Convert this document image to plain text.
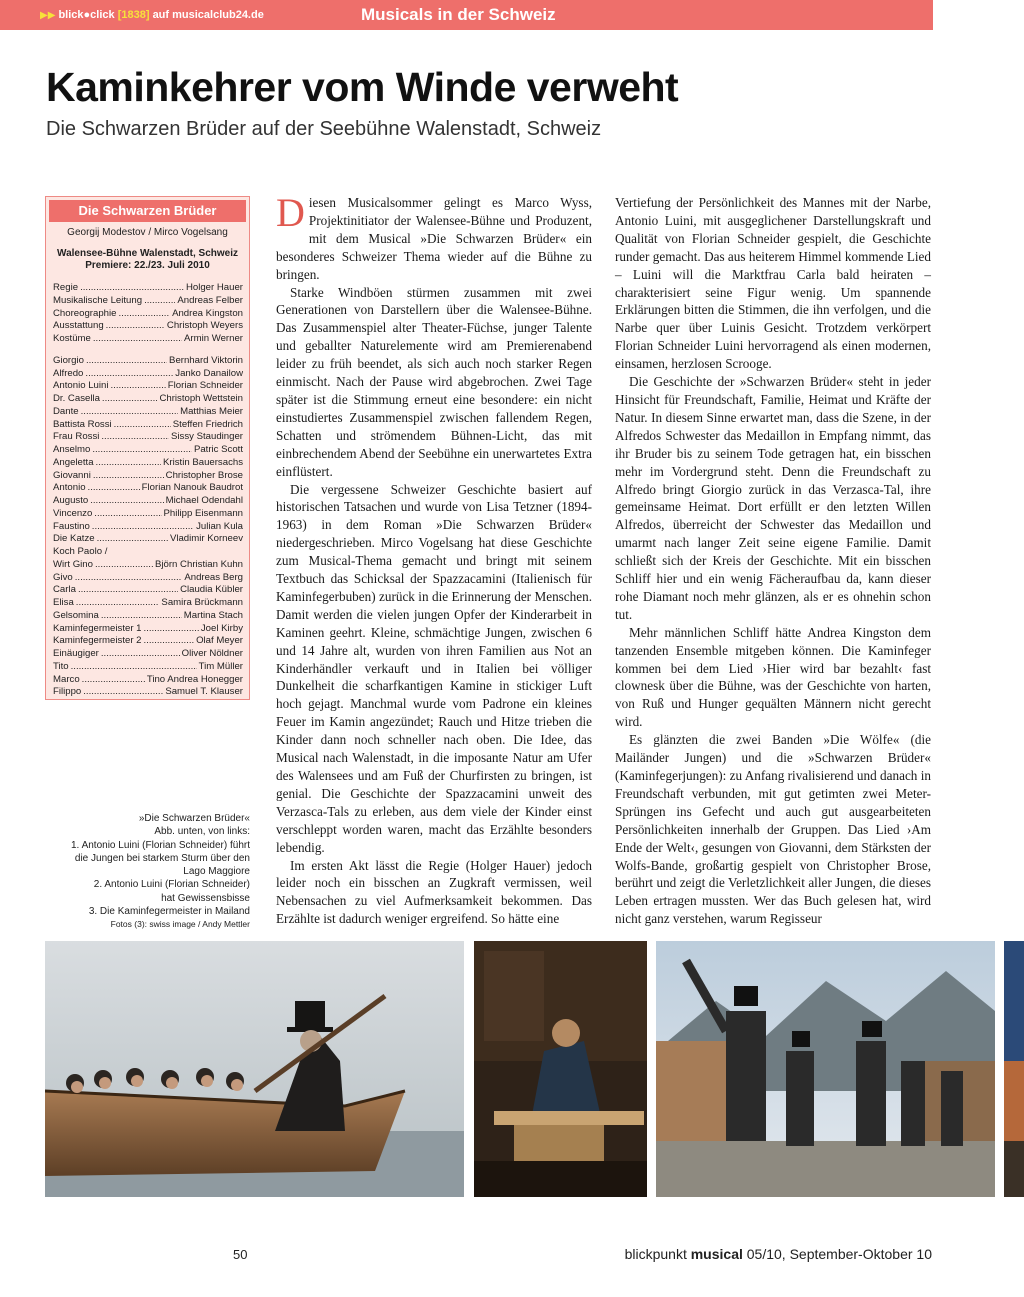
▶▶ blick●click [1838] auf musicalclub24.de	Musicals in der Schweiz
Kaminkehrer vom Winde verweht
Die Schwarzen Brüder auf der Seebühne Walenstadt, Schweiz
Die Schwarzen Brüder
Georgij Modestov / Mirco Vogelsang
Walensee-Bühne Walenstadt, Schweiz
Premiere: 22./23. Juli 2010
Regie .....	Holger Hauer
Musikalische Leitung .....	Andreas Felber
Choreographie .....	Andrea Kingston
Ausstattung .....	Christoph Weyers
Kostüme .....	Armin Werner
Giorgio .....	Bernhard Viktorin
Alfredo .....	Janko Danailow
Antonio Luini .....	Florian Schneider
Dr. Casella .....	Christoph Wettstein
Dante .....	Matthias Meier
Battista Rossi .....	Steffen Friedrich
Frau Rossi .....	Sissy Staudinger
Anselmo .....	Patric Scott
Angeletta .....	Kristin Bauersachs
Giovanni .....	Christopher Brose
Antonio .....	Florian Nanouk Baudrot
Augusto .....	Michael Odendahl
Vincenzo .....	Philipp Eisenmann
Faustino .....	Julian Kula
Die Katze .....	Vladimir Korneev
Koch Paolo /
Wirt Gino .....	Björn Christian Kuhn
Givo .....	Andreas Berg
Carla .....	Claudia Kübler
Elisa .....	Samira Brückmann
Gelsomina .....	Martina Stach
Kaminfegermeister 1 .....	Joel Kirby
Kaminfegermeister 2 .....	Olaf Meyer
Einäugiger .....	Oliver Nöldner
Tito .....	Tim Müller
Marco .....	Tino Andrea Honegger
Filippo .....	Samuel T. Klauser
»Die Schwarzen Brüder«
Abb. unten, von links:
1. Antonio Luini (Florian Schneider) führt
die Jungen bei starkem Sturm über den
Lago Maggiore
2. Antonio Luini (Florian Schneider)
hat Gewissensbisse
3. Die Kaminfegermeister in Mailand
Fotos (3): swiss image / Andy Mettler

Diesen Musicalsommer gelingt es Marco Wyss, Projektinitiator der Walensee-Bühne und Produzent, mit dem Musical »Die Schwarzen Brüder« ein besonderes Schweizer Thema wieder auf die Bühne zu bringen.

Starke Windböen stürmen zusammen mit zwei Generationen von Darstellern über die Walensee-Bühne. Das Zusammenspiel alter Theater-Füchse, junger Talente und geballter Naturelemente wird am Premierenabend leider zu früh beendet, als sich auch noch starker Regen einmischt. Nach der Pause wird abgebrochen. Zwei Tage später ist die Stimmung erneut eine besondere: ein nicht einstudiertes Zusammenspiel zwischen fallendem Regen, Schatten und strömendem Bühnen-Licht, das mit einbrechendem Abend der Seebühne ein unerwartetes Extra einflüstert.

Die vergessene Schweizer Geschichte basiert auf historischen Tatsachen und wurde von Lisa Tetzner (1894-1963) in dem Roman »Die Schwarzen Brüder« niedergeschrieben. Mirco Vogelsang hat diese Geschichte zum Musical-Thema gemacht und bringt mit seinem Textbuch das Schicksal der Spazzacamini (Italienisch für Kaminfegerbuben) zurück in die Erinnerung der Menschen. Damit werden die vielen jungen Opfer der Kinderarbeit in Kaminen geehrt. Kleine, schmächtige Jungen, zwischen 6 und 14 Jahre alt, wurden von ihren Familien aus Not an Kinderhändler verkauft und in Italien bei völliger Dunkelheit die scharfkantigen Kamine in stickiger Luft hoch gejagt. Manchmal wurde vom Padrone ein kleines Feuer im Kamin angezündet; Rauch und Hitze trieben die Kinder dann noch schneller nach oben. Die Idee, das Musical nach Walenstadt, in die imposante Natur am Ufer des Walensees und am Fuß der Churfirsten zu bringen, ist genial. Die Geschichte der Spazzacamini unweit des Verzasca-Tals zu erleben, aus dem viele der Kinder einst verschleppt worden waren, macht das Erzählte besonders lebendig.

Im ersten Akt lässt die Regie (Holger Hauer) jedoch leider noch ein bisschen an Zugkraft vermissen, weil Nebensachen zu viel Aufmerksamkeit bekommen. Das Erzählte ist dadurch weniger ergreifend. So hätte eine

Vertiefung der Persönlichkeit des Mannes mit der Narbe, Antonio Luini, mit ausgeglichener Darstellungskraft und Qualität von Florian Schneider gespielt, die Geschichte runder gemacht. Das aus heiterem Himmel kommende Lied – Luini will die Marktfrau Carla bald heiraten – charakterisiert seine Figur wenig. Um spannende Erklärungen bitten die Stimmen, die ihn verfolgen, und die Narbe quer über Luinis Gesicht. Trotzdem verkörpert Florian Schneider Luini hervorragend als einen modernen, einsamen, herzlosen Scrooge.

Die Geschichte der »Schwarzen Brüder« steht in jeder Hinsicht für Freundschaft, Familie, Heimat und Kräfte der Natur. In diesem Sinne erwartet man, dass die Szene, in der Alfredos Schwester das Medaillon in Empfang nimmt, das ihr Bruder bis zu seinem Tode getragen hat, ein bisschen mehr im Vordergrund steht. Denn die Freundschaft zu Alfredo bringt Giorgio zurück in das Verzasca-Tal, ihre gemeinsame Heimat. Dort erfüllt er den letzten Willen Alfredos, überreicht der Schwester das Medaillon und umarmt nach langer Zeit seine eigene Familie. Damit schließt sich der Kreis der Geschichte. Mit ein bisschen Schliff hier und ein wenig Fächeraufbau da, kann dieser rohe Diamant noch mehr glänzen, als er es ohnehin schon tut.

Mehr männlichen Schliff hätte Andrea Kingston dem tanzenden Ensemble mitgeben können. Die Kaminfeger kommen bei dem Lied ›Hier wird bar bezahlt‹ fast clownesk über die Bühne, was der Geschichte von harten, von Ruß und Hunger gequälten Männern nicht gerecht wird.

Es glänzten die zwei Banden »Die Wölfe« (die Mailänder Jungen) und die »Schwarzen Brüder« (Kaminfegerjungen): zu Anfang rivalisierend und danach in Freundschaft verbunden, mit gut getimten zwei Meter-Sprüngen ins Gefecht und auch gut ausgearbeiteten Persönlichkeiten innerhalb der Gruppen. Das Lied ›Am Ende der Welt‹, gesungen von Giovanni, dem Stärksten der Wolfs-Bande, großartig gespielt von Christopher Brose, berührt und zeigt die Verletzlichkeit aller Jungen, die dieses Leben ertragen mussten. Wer das Buch gelesen hat, wird nicht ganz verstehen, warum Regisseur

50	blickpunkt musical 05/10, September-Oktober 10
